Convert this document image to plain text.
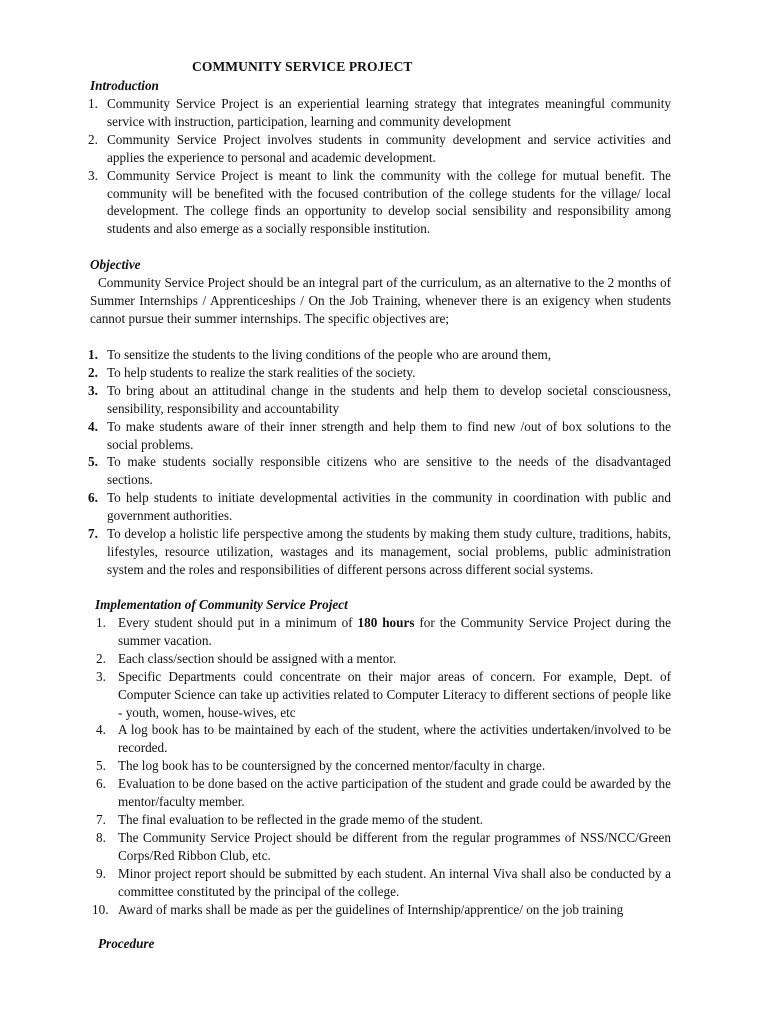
COMMUNITY SERVICE PROJECT
Introduction
1. Community Service Project is an experiential learning strategy that integrates meaningful community service with instruction, participation, learning and community development
2. Community Service Project involves students in community development and service activities and applies the experience to personal and academic development.
3. Community Service Project is meant to link the community with the college for mutual benefit. The community will be benefited with the focused contribution of the college students for the village/ local development. The college finds an opportunity to develop social sensibility and responsibility among students and also emerge as a socially responsible institution.
Objective
Community Service Project should be an integral part of the curriculum, as an alternative to the 2 months of Summer Internships / Apprenticeships / On the Job Training, whenever there is an exigency when students cannot pursue their summer internships. The specific objectives are;
1. To sensitize the students to the living conditions of the people who are around them,
2. To help students to realize the stark realities of the society.
3. To bring about an attitudinal change in the students and help them to develop societal consciousness, sensibility, responsibility and accountability
4. To make students aware of their inner strength and help them to find new /out of box solutions to the social problems.
5. To make students socially responsible citizens who are sensitive to the needs of the disadvantaged sections.
6. To help students to initiate developmental activities in the community in coordination with public and government authorities.
7. To develop a holistic life perspective among the students by making them study culture, traditions, habits, lifestyles, resource utilization, wastages and its management, social problems, public administration system and the roles and responsibilities of different persons across different social systems.
Implementation of Community Service Project
1. Every student should put in a minimum of 180 hours for the Community Service Project during the summer vacation.
2. Each class/section should be assigned with a mentor.
3. Specific Departments could concentrate on their major areas of concern. For example, Dept. of Computer Science can take up activities related to Computer Literacy to different sections of people like - youth, women, house-wives, etc
4. A log book has to be maintained by each of the student, where the activities undertaken/involved to be recorded.
5. The log book has to be countersigned by the concerned mentor/faculty in charge.
6. Evaluation to be done based on the active participation of the student and grade could be awarded by the mentor/faculty member.
7. The final evaluation to be reflected in the grade memo of the student.
8. The Community Service Project should be different from the regular programmes of NSS/NCC/Green Corps/Red Ribbon Club, etc.
9. Minor project report should be submitted by each student. An internal Viva shall also be conducted by a committee constituted by the principal of the college.
10. Award of marks shall be made as per the guidelines of Internship/apprentice/ on the job training
Procedure
